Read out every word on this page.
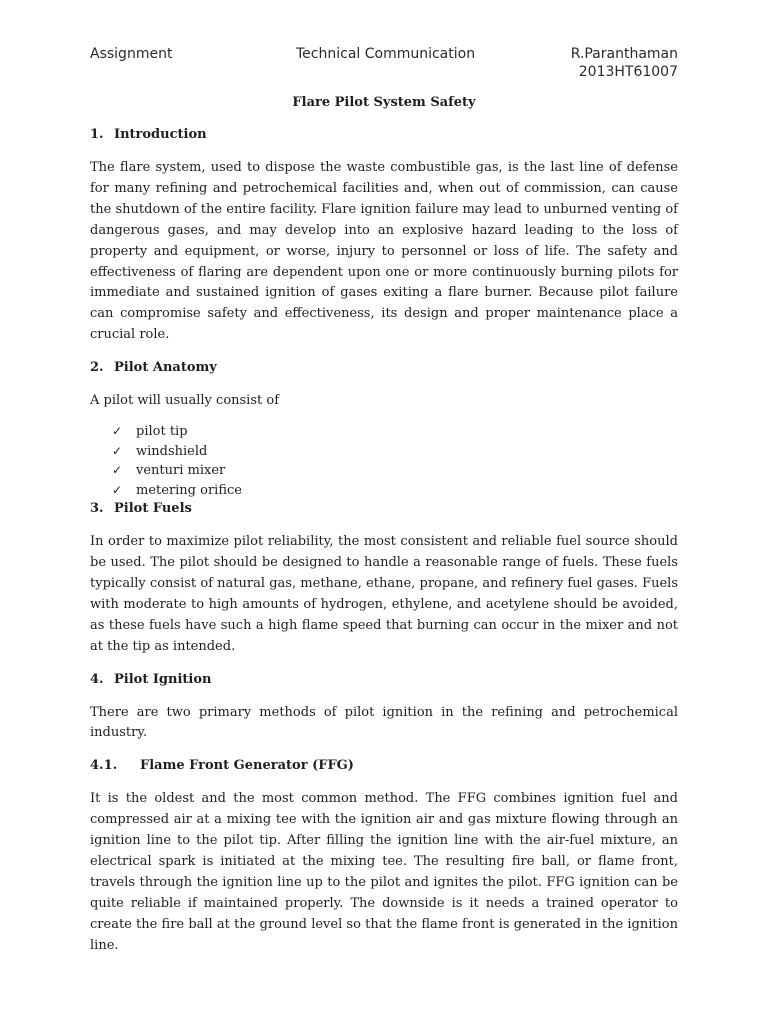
Assignment	Technical Communication	R.Paranthaman
2013HT61007
Flare Pilot System Safety
1. Introduction

The flare system, used to dispose the waste combustible gas, is the last line of defense for many refining and petrochemical facilities and, when out of commission, can cause the shutdown of the entire facility. Flare ignition failure may lead to unburned venting of dangerous gases, and may develop into an explosive hazard leading to the loss of property and equipment, or worse, injury to personnel or loss of life. The safety and effectiveness of flaring are dependent upon one or more continuously burning pilots for immediate and sustained ignition of gases exiting a flare burner. Because pilot failure can compromise safety and effectiveness, its design and proper maintenance place a crucial role.

2. Pilot Anatomy

A pilot will usually consist of

✓	pilot tip
✓	windshield
✓	venturi mixer
✓	metering orifice
3. Pilot Fuels

In order to maximize pilot reliability, the most consistent and reliable fuel source should be used. The pilot should be designed to handle a reasonable range of fuels. These fuels typically consist of natural gas, methane, ethane, propane, and refinery fuel gases. Fuels with moderate to high amounts of hydrogen, ethylene, and acetylene should be avoided, as these fuels have such a high flame speed that burning can occur in the mixer and not at the tip as intended.

4. Pilot Ignition

There are two primary methods of pilot ignition in the refining and petrochemical industry.

4.1.	Flame Front Generator (FFG)

It is the oldest and the most common method. The FFG combines ignition fuel and compressed air at a mixing tee with the ignition air and gas mixture flowing through an ignition line to the pilot tip. After filling the ignition line with the air-fuel mixture, an electrical spark is initiated at the mixing tee. The resulting fire ball, or flame front, travels through the ignition line up to the pilot and ignites the pilot. FFG ignition can be quite reliable if maintained properly. The downside is it needs a trained operator to create the fire ball at the ground level so that the flame front is generated in the ignition line.
